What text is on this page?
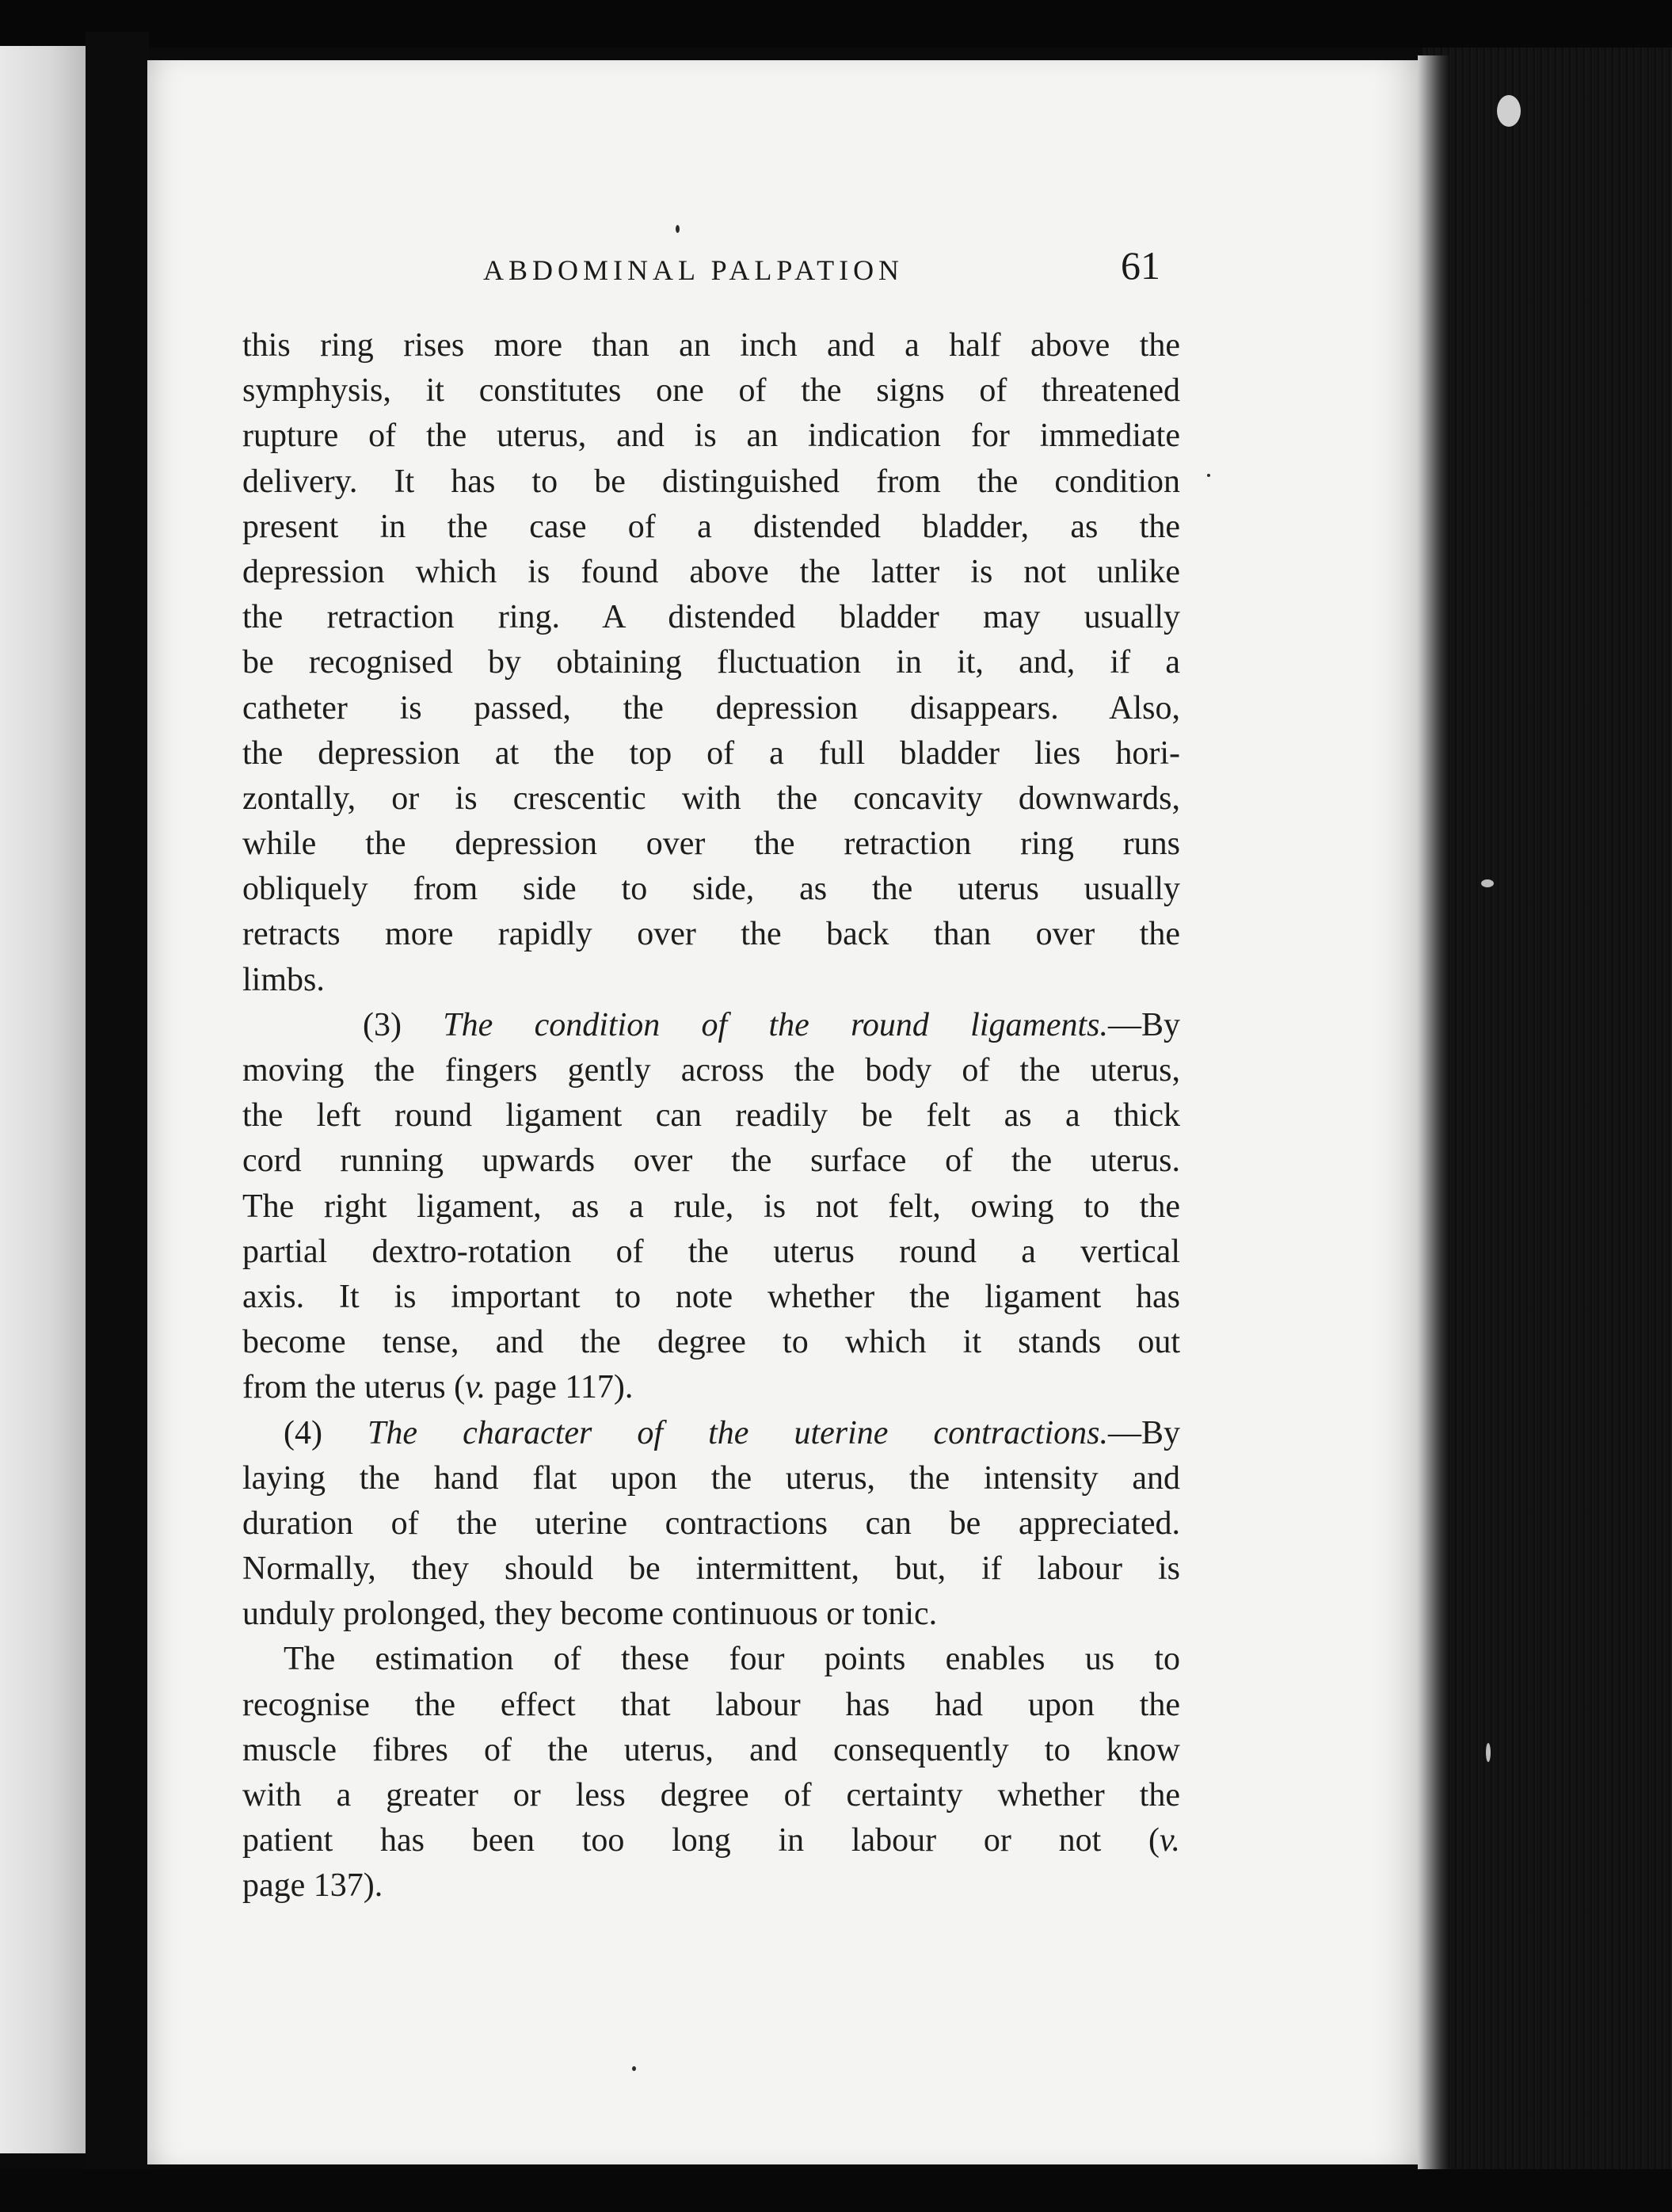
ABDOMINAL PALPATION	61
this ring rises more than an inch and a half above the
symphysis, it constitutes one of the signs of threatened
rupture of the uterus, and is an indication for immediate
delivery. It has to be distinguished from the condition
present in the case of a distended bladder, as the
depression which is found above the latter is not unlike
the retraction ring. A distended bladder may usually
be recognised by obtaining fluctuation in it, and, if a
catheter is passed, the depression disappears. Also,
the depression at the top of a full bladder lies hori-
zontally, or is crescentic with the concavity downwards,
while the depression over the retraction ring runs
obliquely from side to side, as the uterus usually
retracts more rapidly over the back than over the
limbs.
(3) The condition of the round ligaments.—By
moving the fingers gently across the body of the uterus,
the left round ligament can readily be felt as a thick
cord running upwards over the surface of the uterus.
The right ligament, as a rule, is not felt, owing to the
partial dextro-rotation of the uterus round a vertical
axis. It is important to note whether the ligament has
become tense, and the degree to which it stands out
from the uterus (v. page 117).
(4) The character of the uterine contractions.—By
laying the hand flat upon the uterus, the intensity and
duration of the uterine contractions can be appreciated.
Normally, they should be intermittent, but, if labour is
unduly prolonged, they become continuous or tonic.
The estimation of these four points enables us to
recognise the effect that labour has had upon the
muscle fibres of the uterus, and consequently to know
with a greater or less degree of certainty whether the
patient has been too long in labour or not (v.
page 137).
